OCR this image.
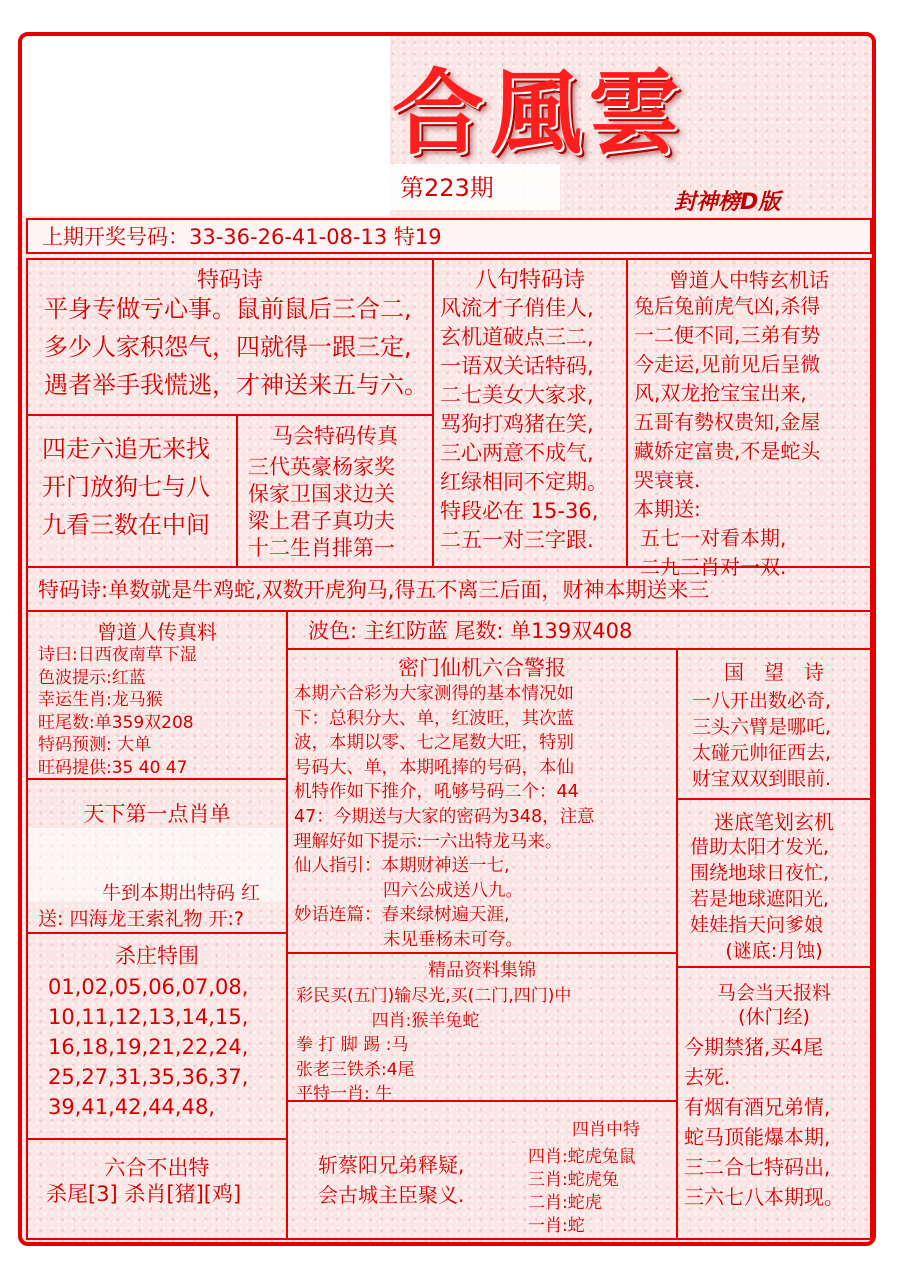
合風雲
第223期
封神榜D版
上期开奖号码：33-36-26-41-08-13 特19
特码诗
平身专做亏心事。鼠前鼠后三合二,
多少人家积怨气，四就得一跟三定,
遇者举手我慌逃，才神送来五与六。
八句特码诗
风流才子俏佳人,
玄机道破点三二,
一语双关话特码,
二七美女大家求,
骂狗打鸡猪在笑,
三心两意不成气,
红绿相同不定期。
特段必在 15-36,
二五一对三字跟.
曾道人中特玄机话
兔后兔前虎气凶,杀得
一二便不同,三弟有势
今走运,见前见后呈微
风,双龙抢宝宝出来,
五哥有勢权贵知,金屋
藏娇定富贵,不是蛇头
哭衰衰.
本期送:
五七一对看本期,
二九三肖对一双.
四走六追无来找
开门放狗七与八
九看三数在中间
马会特码传真
三代英豪杨家奖
保家卫国求边关
梁上君子真功夫
十二生肖排第一
特码诗:单数就是牛鸡蛇,双数开虎狗马,得五不离三后面，财神本期送来三
曾道人传真料
诗曰:日西夜南草下湿
色波提示:红蓝
幸运生肖:龙马猴
旺尾数:单359双208
特码预测: 大单
旺码提供:35 40 47
天下第一点肖单
牛到本期出特码 红
送: 四海龙王索礼物 开:?
杀庄特围
01,02,05,06,07,08,
10,11,12,13,14,15,
16,18,19,21,22,24,
25,27,31,35,36,37,
39,41,42,44,48,
六合不出特
杀尾[3] 杀肖[猪][鸡]
波色: 主红防蓝 尾数: 单139双408
密门仙机六合警报
本期六合彩为大家测得的基本情况如
下：总积分大、单，红波旺，其次蓝
波，本期以零、七之尾数大旺，特别
号码大、单，本期吼捧的号码，本仙
机特作如下推介，吼够号码二个：44
47：今期送与大家的密码为348，注意
理解好如下提示:一六出特龙马来。
仙人指引：本期财神送一七,
四六公成送八九。
妙语连篇：春来绿树遍天涯,
未见垂杨未可夸。
精品资料集锦
彩民买(五门)输尽光,买(二门,四门)中
四肖:猴羊兔蛇
拳 打 脚 踢 :马
张老三铁杀:4尾
平特一肖: 牛
斩蔡阳兄弟释疑,
会古城主臣聚义.
四肖中特
四肖:蛇虎兔鼠
三肖:蛇虎兔
二肖:蛇虎
一肖:蛇
国　望　诗
一八开出数必奇,
三头六臂是哪吒,
太碰元帅征西去,
财宝双双到眼前.
迷底笔划玄机
借助太阳才发光,
围绕地球日夜忙,
若是地球遮阳光,
娃娃指天问爹娘
(谜底:月蚀)
马会当天报料
(休门经)
今期禁猪,买4尾
去死.
有烟有酒兄弟情,
蛇马顶能爆本期,
三二合七特码出,
三六七八本期现。
